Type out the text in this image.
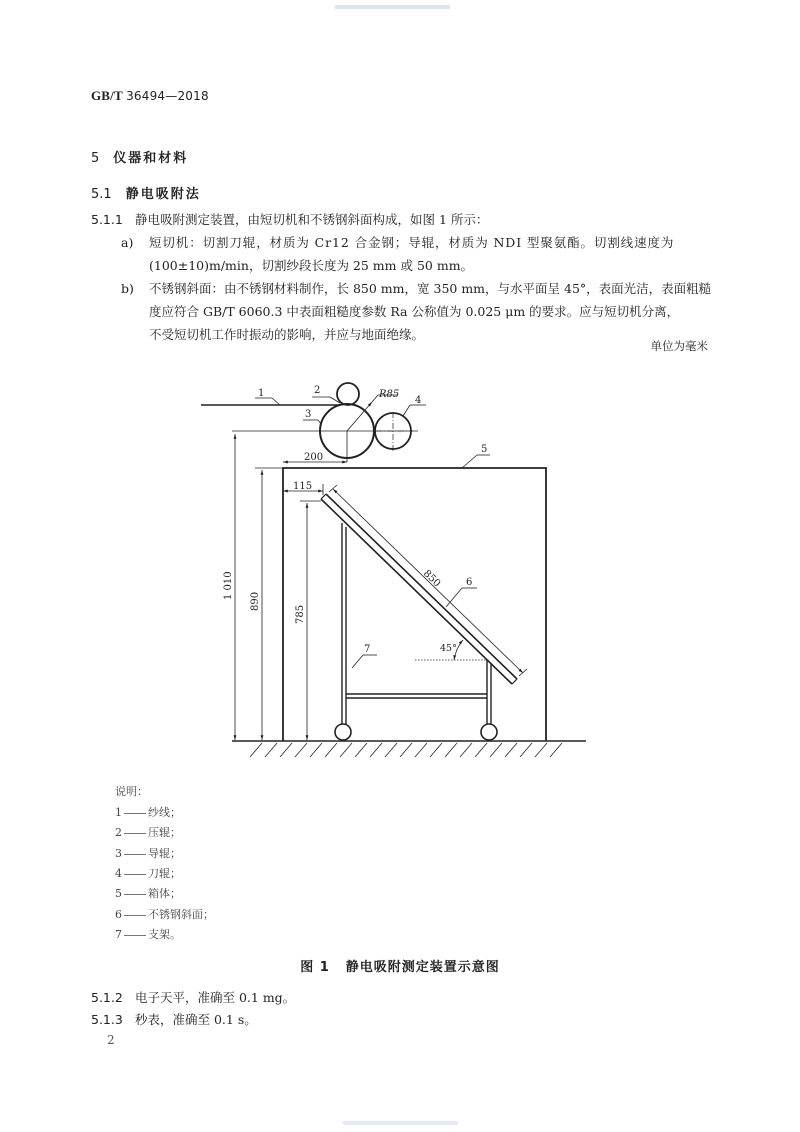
GB/T 36494—2018
5 仪器和材料
5.1 静电吸附法
5.1.1 静电吸附测定装置，由短切机和不锈钢斜面构成，如图 1 所示：
a) 短切机：切割刀辊，材质为 Cr12 合金钢；导辊，材质为 NDI 型聚氨酯。切割线速度为
(100±10)m/min，切割纱段长度为 25 mm 或 50 mm。
b) 不锈钢斜面：由不锈钢材料制作，长 850 mm，宽 350 mm，与水平面呈 45°，表面光洁，表面粗糙
度应符合 GB/T 6060.3 中表面粗糙度参数 Ra 公称值为 0.025 μm 的要求。应与短切机分离，
不受短切机工作时振动的影响，并应与地面绝缘。
单位为毫米
1	2
3
4
5
6
7
R85
200
115
1 010
890
785
850
45°
说明：
1 纱线；
2 压辊；
3 导辊；
4 刀辊；
5 箱体；
6 不锈钢斜面；
7 支架。
图 1 静电吸附测定装置示意图
5.1.2 电子天平，准确至 0.1 mg。
5.1.3 秒表，准确至 0.1 s。
2
